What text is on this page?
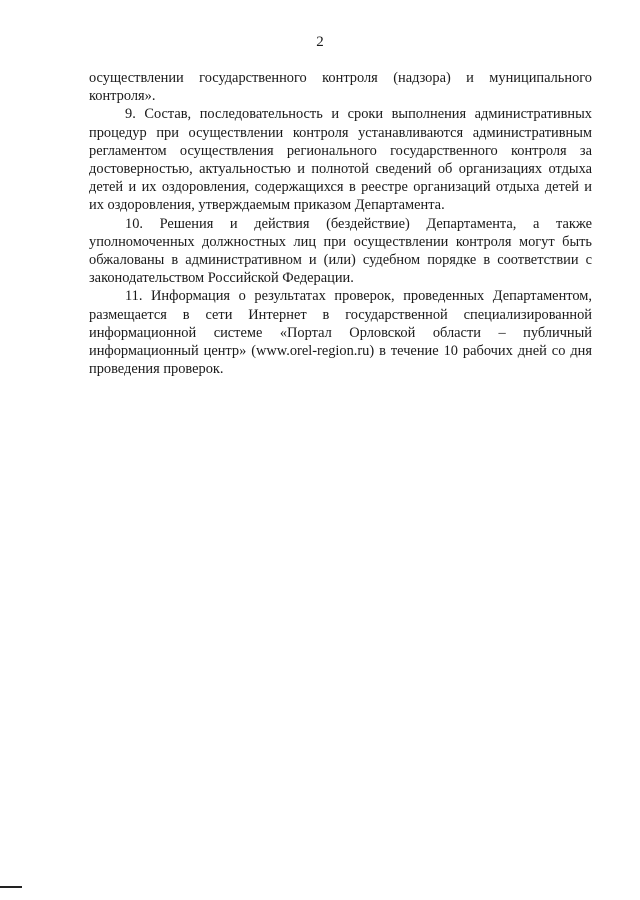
2

осуществлении государственного контроля (надзора) и муниципального контроля».

9. Состав, последовательность и сроки выполнения административных процедур при осуществлении контроля устанавливаются административным регламентом осуществления регионального государственного контроля за достоверностью, актуальностью и полнотой сведений об организациях отдыха детей и их оздоровления, содержащихся в реестре организаций отдыха детей и их оздоровления, утверждаемым приказом Департамента.

10. Решения и действия (бездействие) Департамента, а также уполномоченных должностных лиц при осуществлении контроля могут быть обжалованы в административном и (или) судебном порядке в соответствии с законодательством Российской Федерации.

11. Информация о результатах проверок, проведенных Департаментом, размещается в сети Интернет в государственной специализированной информационной системе «Портал Орловской области – публичный информационный центр» (www.orel-region.ru) в течение 10 рабочих дней со дня проведения проверок.
